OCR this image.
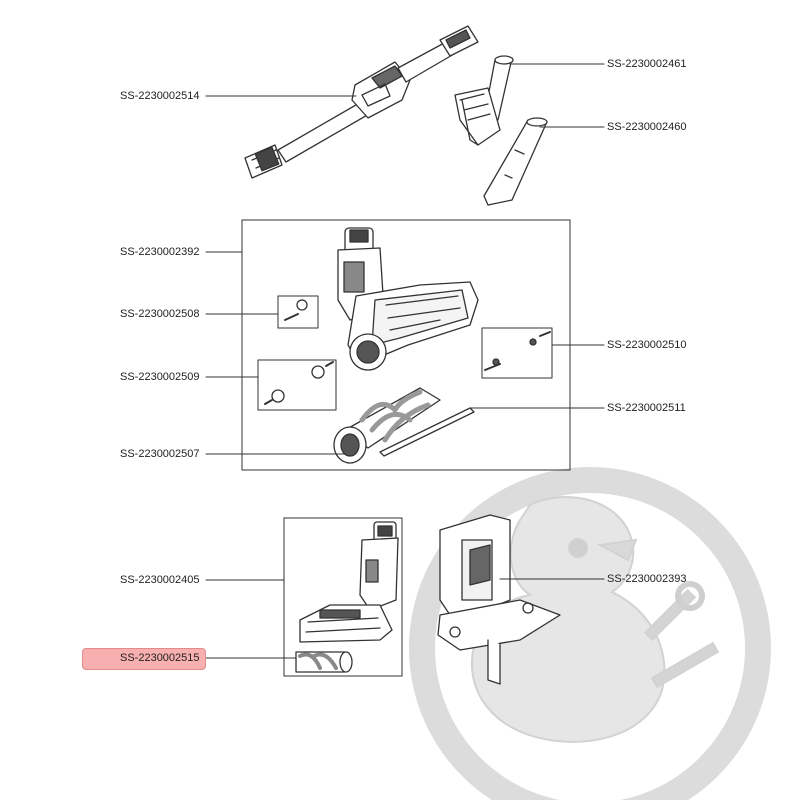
SS-2230002514
SS-2230002461
SS-2230002460
SS-2230002392
SS-2230002508
SS-2230002510
SS-2230002509
SS-2230002511
SS-2230002507
SS-2230002405	SS-2230002393
SS-2230002515
